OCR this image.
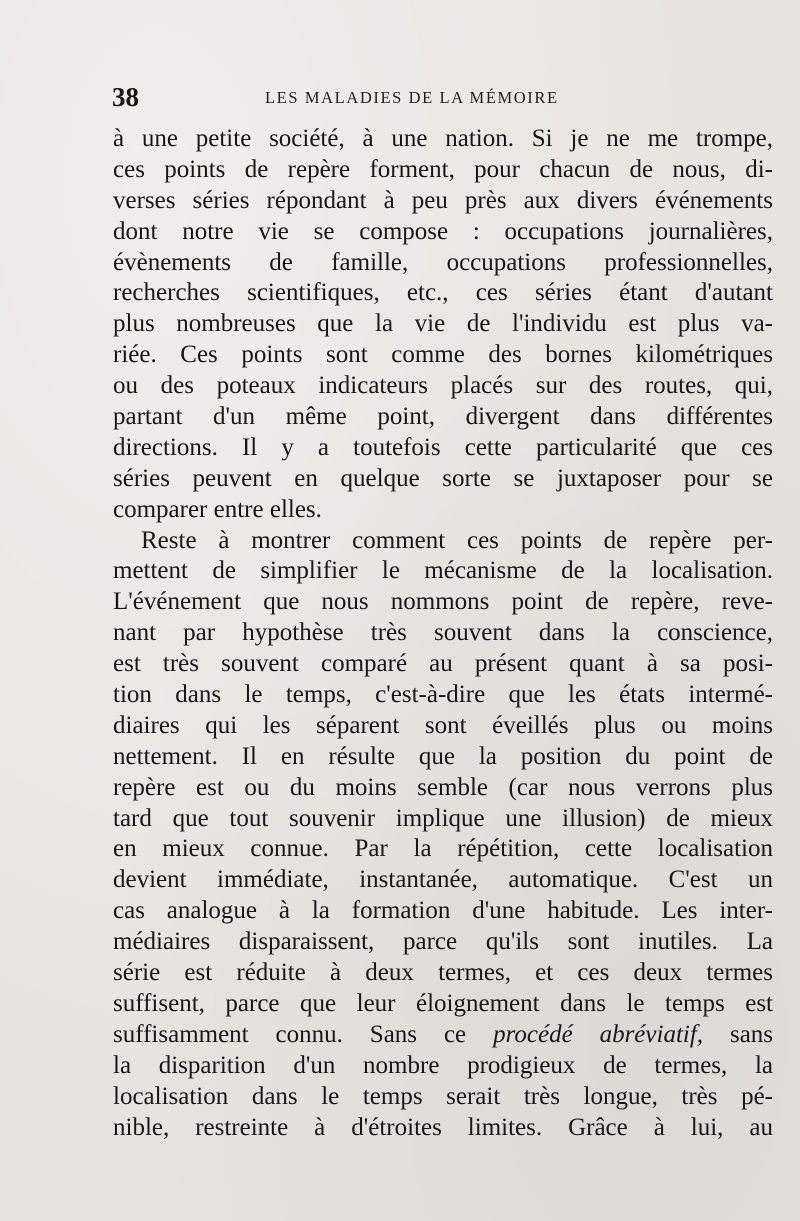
38	LES MALADIES DE LA MÉMOIRE
à une petite société, à une nation. Si je ne me trompe,
ces points de repère forment, pour chacun de nous, di-
verses séries répondant à peu près aux divers événements
dont notre vie se compose : occupations journalières,
évènements de famille, occupations professionnelles,
recherches scientifiques, etc., ces séries étant d'autant
plus nombreuses que la vie de l'individu est plus va-
riée. Ces points sont comme des bornes kilométriques
ou des poteaux indicateurs placés sur des routes, qui,
partant d'un même point, divergent dans différentes
directions. Il y a toutefois cette particularité que ces
séries peuvent en quelque sorte se juxtaposer pour se
comparer entre elles.
Reste à montrer comment ces points de repère per-
mettent de simplifier le mécanisme de la localisation.
L'événement que nous nommons point de repère, reve-
nant par hypothèse très souvent dans la conscience,
est très souvent comparé au présent quant à sa posi-
tion dans le temps, c'est-à-dire que les états intermé-
diaires qui les séparent sont éveillés plus ou moins
nettement. Il en résulte que la position du point de
repère est ou du moins semble (car nous verrons plus
tard que tout souvenir implique une illusion) de mieux
en mieux connue. Par la répétition, cette localisation
devient immédiate, instantanée, automatique. C'est un
cas analogue à la formation d'une habitude. Les inter-
médiaires disparaissent, parce qu'ils sont inutiles. La
série est réduite à deux termes, et ces deux termes
suffisent, parce que leur éloignement dans le temps est
suffisamment connu. Sans ce procédé abréviatif, sans
la disparition d'un nombre prodigieux de termes, la
localisation dans le temps serait très longue, très pé-
nible, restreinte à d'étroites limites. Grâce à lui, au
